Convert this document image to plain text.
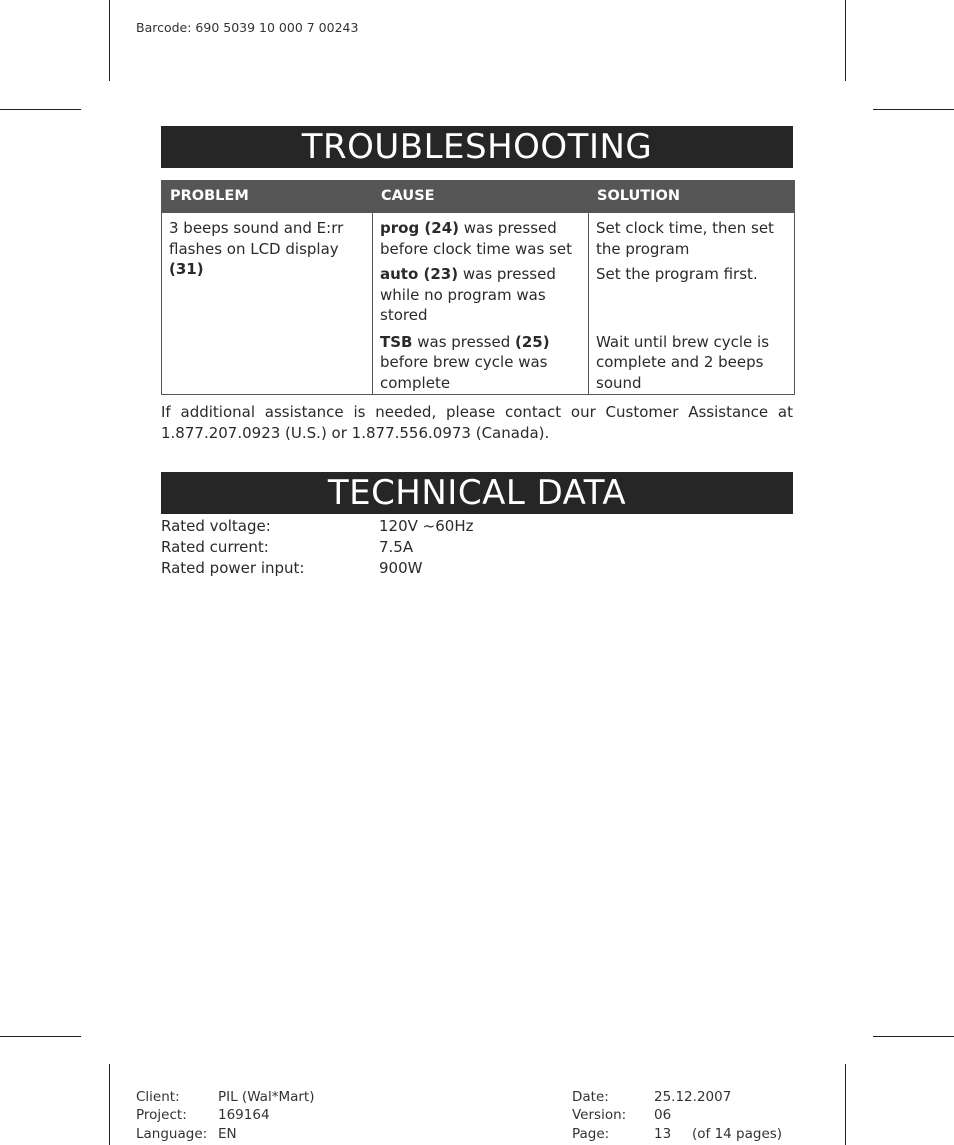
Barcode: 690 5039 10 000 7 00243
TROUBLESHOOTING
PROBLEM	CAUSE	SOLUTION
3 beeps sound and E:rr flashes on LCD display (31)	prog (24) was pressed before clock time was set	Set clock time, then set the program
	auto (23) was pressed while no program was stored	Set the program first.
	TSB was pressed (25) before brew cycle was complete	Wait until brew cycle is complete and 2 beeps sound
If additional assistance is needed, please contact our Customer Assistance at 1.877.207.0923 (U.S.) or 1.877.556.0973 (Canada).
TECHNICAL DATA
Rated voltage:	120V ~60Hz
Rated current:	7.5A
Rated power input:	900W
Client:	PIL (Wal*Mart)
Project: 169164
Language: EN
Date:	25.12.2007
Version: 06
Page:	13 (of 14 pages)
